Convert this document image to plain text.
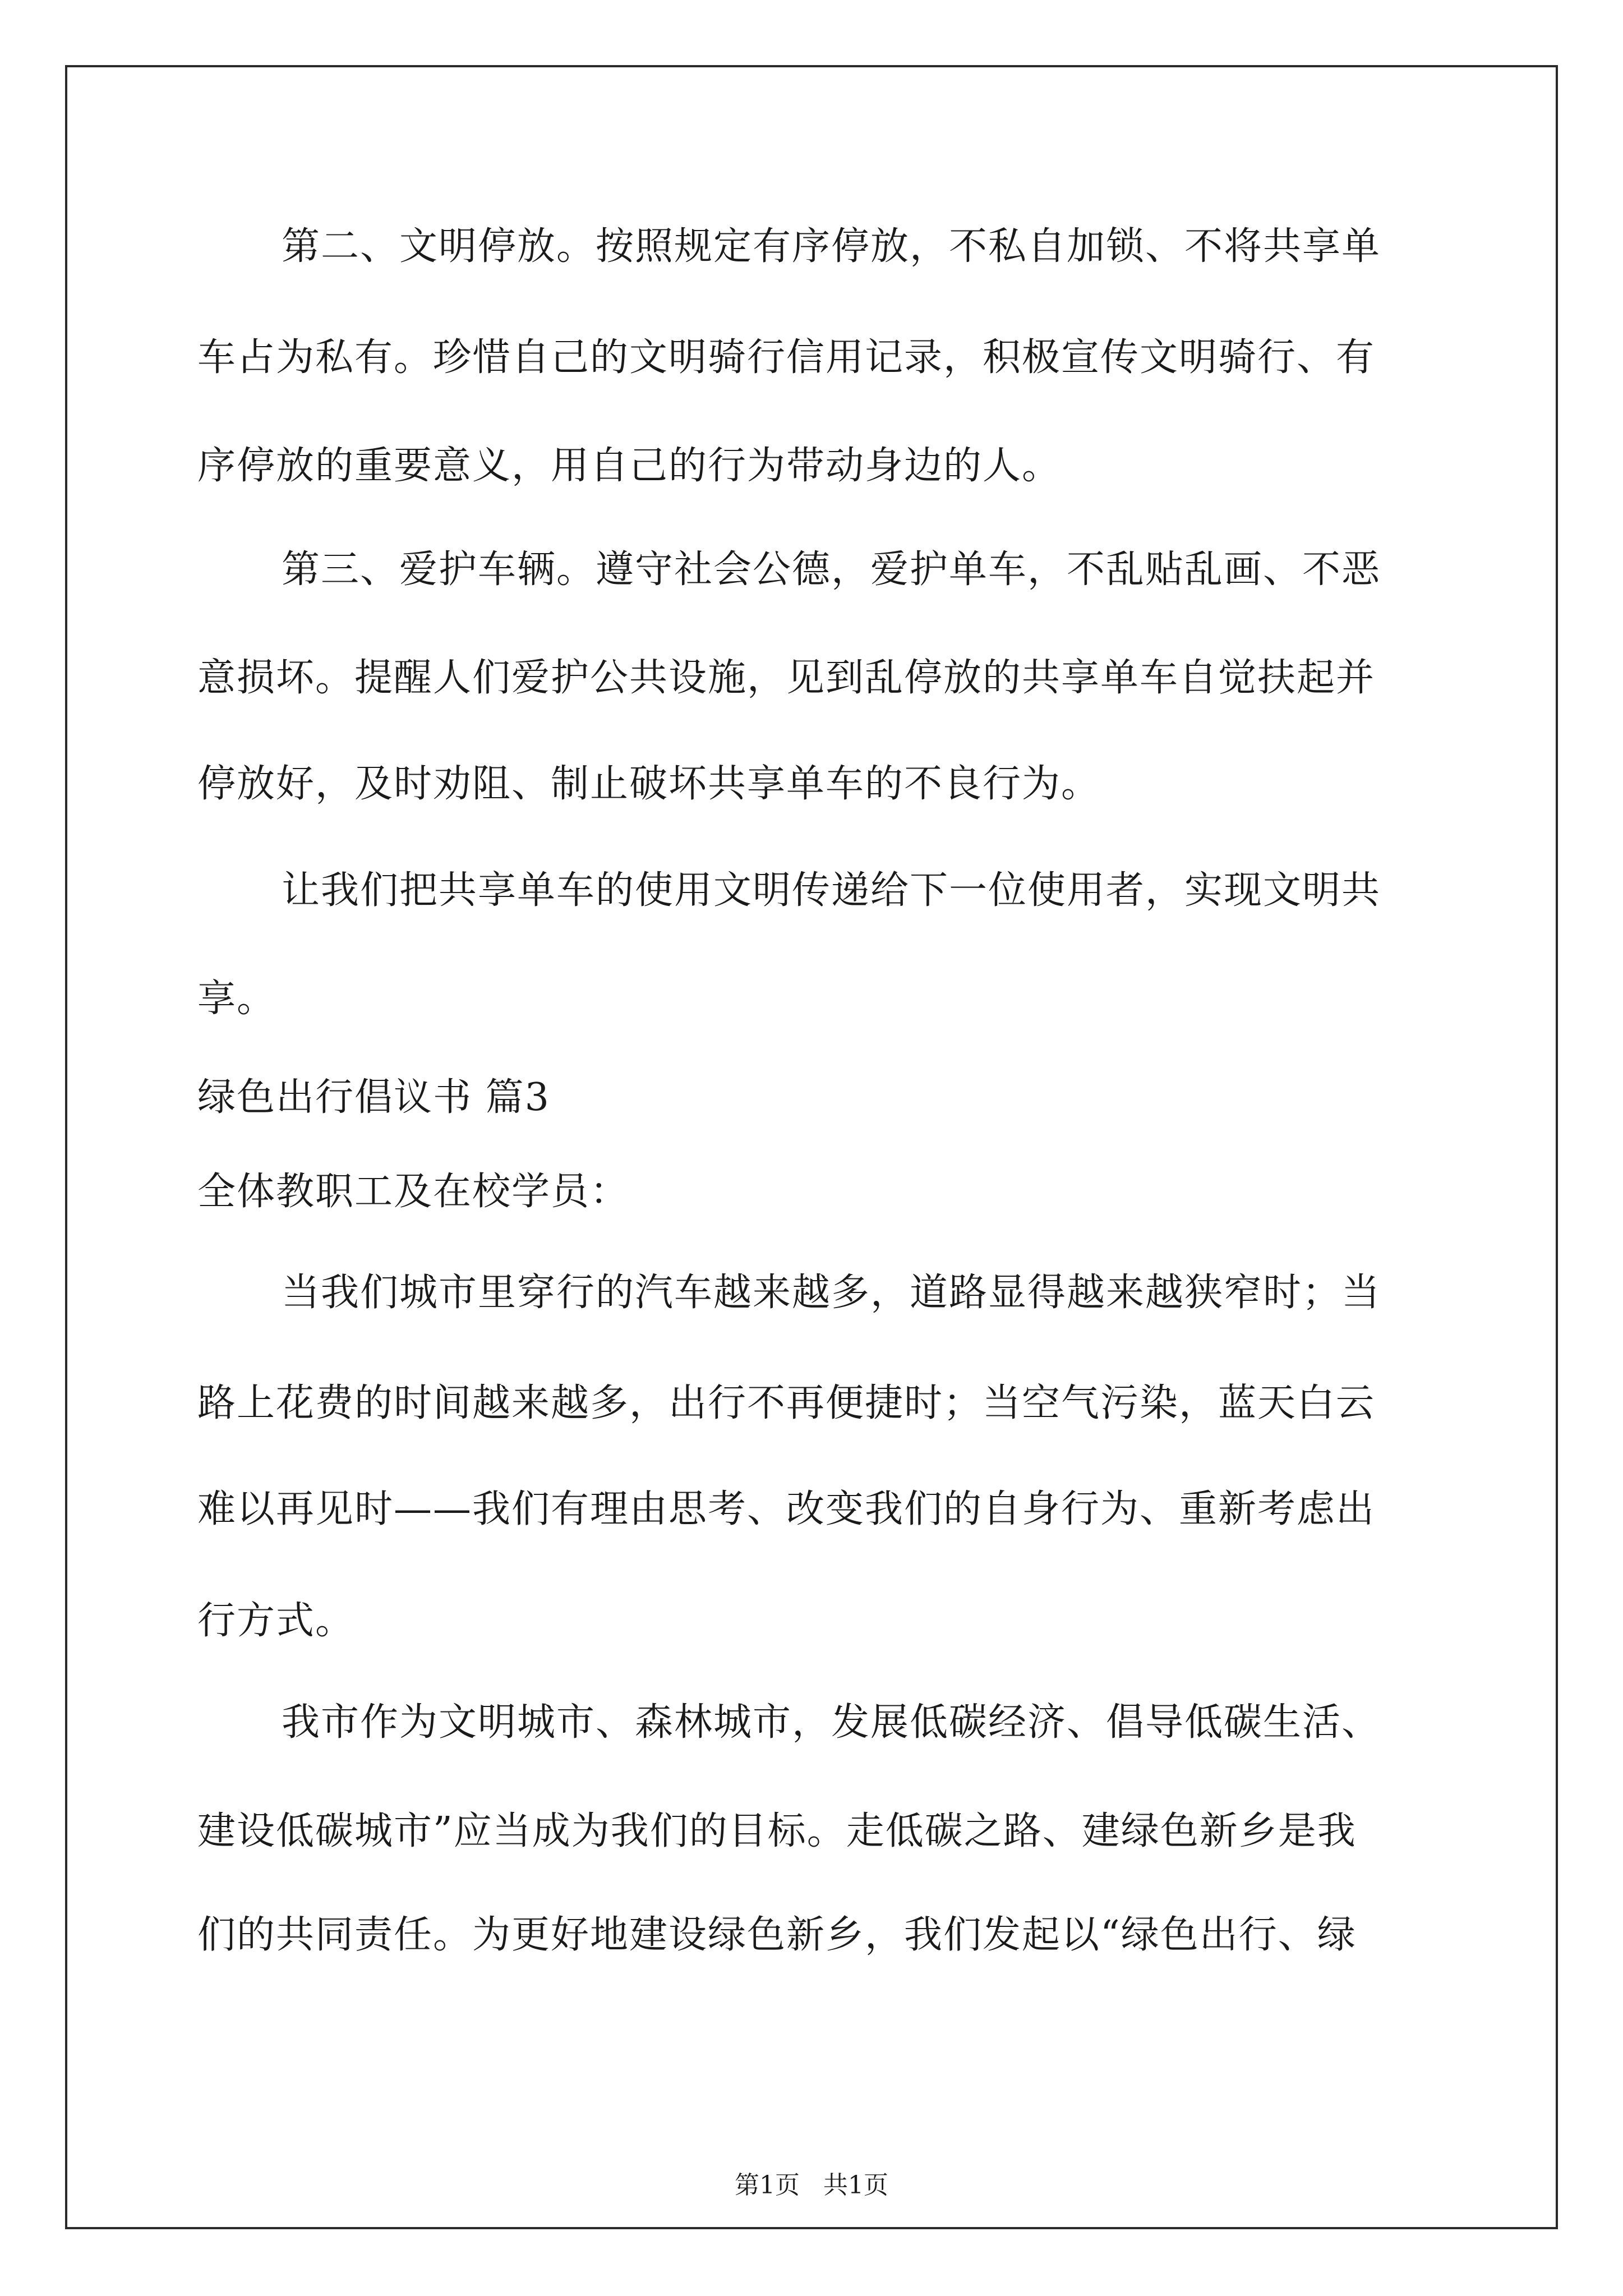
第二、文明停放。按照规定有序停放，不私自加锁、不将共享单
车占为私有。珍惜自己的文明骑行信用记录，积极宣传文明骑行、有
序停放的重要意义，用自己的行为带动身边的人。
第三、爱护车辆。遵守社会公德，爱护单车，不乱贴乱画、不恶
意损坏。提醒人们爱护公共设施，见到乱停放的共享单车自觉扶起并
停放好，及时劝阻、制止破坏共享单车的不良行为。
让我们把共享单车的使用文明传递给下一位使用者，实现文明共
享。
绿色出行倡议书 篇3
全体教职工及在校学员：
当我们城市里穿行的汽车越来越多，道路显得越来越狭窄时；当
路上花费的时间越来越多，出行不再便捷时；当空气污染，蓝天白云
难以再见时——我们有理由思考、改变我们的自身行为、重新考虑出
行方式。
我市作为文明城市、森林城市，发展低碳经济、倡导低碳生活、
建设低碳城市”应当成为我们的目标。走低碳之路、建绿色新乡是我
们的共同责任。为更好地建设绿色新乡，我们发起以“绿色出行、绿
第1页   共1页
